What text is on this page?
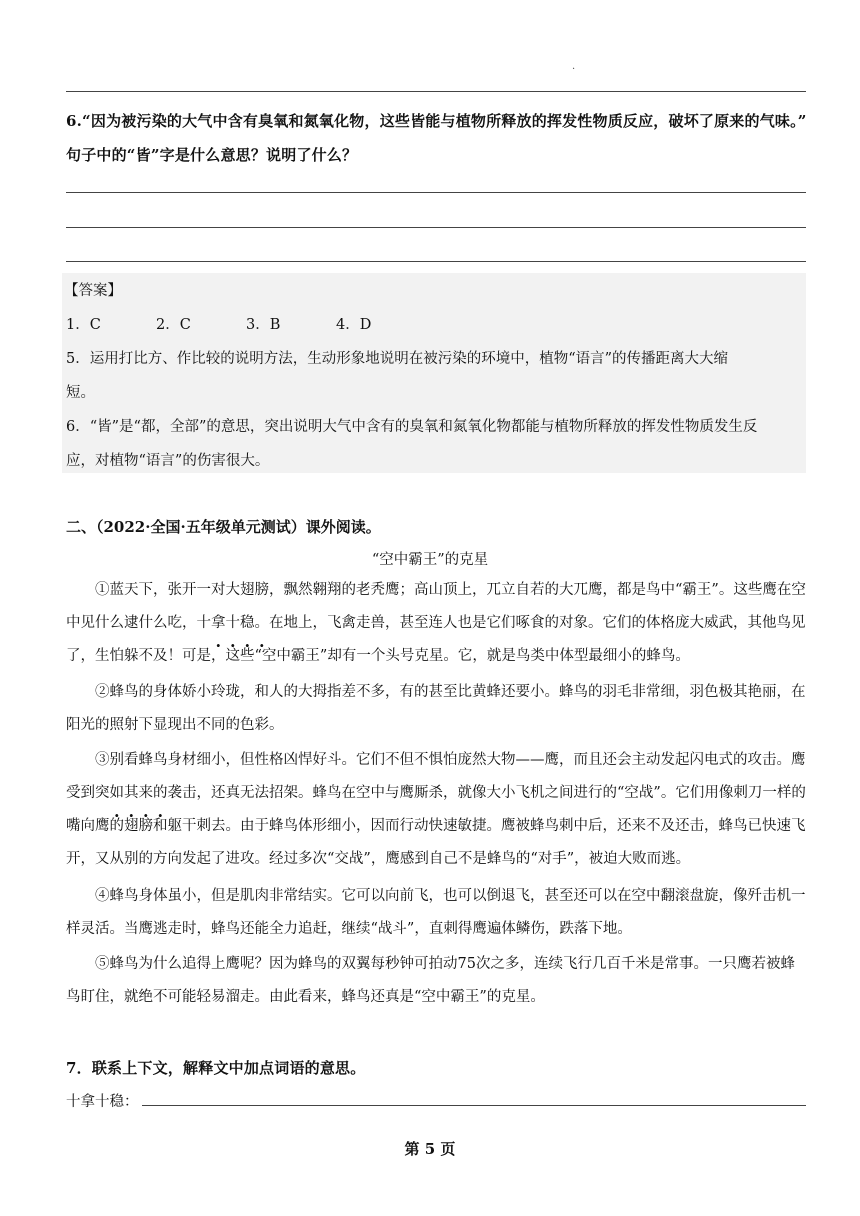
·
6.“因为被污染的大气中含有臭氧和氮氧化物，这些皆能与植物所释放的挥发性物质反应，破坏了原来的气味。”
句子中的“皆”字是什么意思？说明了什么？
【答案】
1．C	2．C	3．B	4．D
5．运用打比方、作比较的说明方法，生动形象地说明在被污染的环境中，植物“语言”的传播距离大大缩
短。
6．“皆”是“都，全部”的意思，突出说明大气中含有的臭氧和氮氧化物都能与植物所释放的挥发性物质发生反
应，对植物“语言”的伤害很大。
二、（2022·全国·五年级单元测试）课外阅读。
“空中霸王”的克星
①蓝天下，张开一对大翅膀，飘然翱翔的老秃鹰；高山顶上，兀立自若的大兀鹰，都是鸟中“霸王”。这些鹰在空中见什么逮什么吃，十拿十稳。在地上，飞禽走兽，甚至连人也是它们啄食的对象。它们的体格庞大威武，其他鸟见了，生怕躲不及！可是，这些“空中霸王”却有一个头号克星。它，就是鸟类中体型最细小的蜂鸟。
②蜂鸟的身体娇小玲珑，和人的大拇指差不多，有的甚至比黄蜂还要小。蜂鸟的羽毛非常细，羽色极其艳丽，在阳光的照射下显现出不同的色彩。
③别看蜂鸟身材细小，但性格凶悍好斗。它们不但不惧怕庞然大物——鹰，而且还会主动发起闪电式的攻击。鹰受到突如其来的袭击，还真无法招架。蜂鸟在空中与鹰厮杀，就像大小飞机之间进行的“空战”。它们用像刺刀一样的嘴向鹰的翅膀和躯干刺去。由于蜂鸟体形细小，因而行动快速敏捷。鹰被蜂鸟刺中后，还来不及还击，蜂鸟已快速飞开，又从别的方向发起了进攻。经过多次“交战”，鹰感到自己不是蜂鸟的“对手”，被迫大败而逃。
④蜂鸟身体虽小，但是肌肉非常结实。它可以向前飞，也可以倒退飞，甚至还可以在空中翻滚盘旋，像歼击机一样灵活。当鹰逃走时，蜂鸟还能全力追赶，继续“战斗”，直刺得鹰遍体鳞伤，跌落下地。
⑤蜂鸟为什么追得上鹰呢？因为蜂鸟的双翼每秒钟可拍动75次之多，连续飞行几百千米是常事。一只鹰若被蜂鸟盯住，就绝不可能轻易溜走。由此看来，蜂鸟还真是“空中霸王”的克星。
7．联系上下文，解释文中加点词语的意思。
十拿十稳：
第 5 页
